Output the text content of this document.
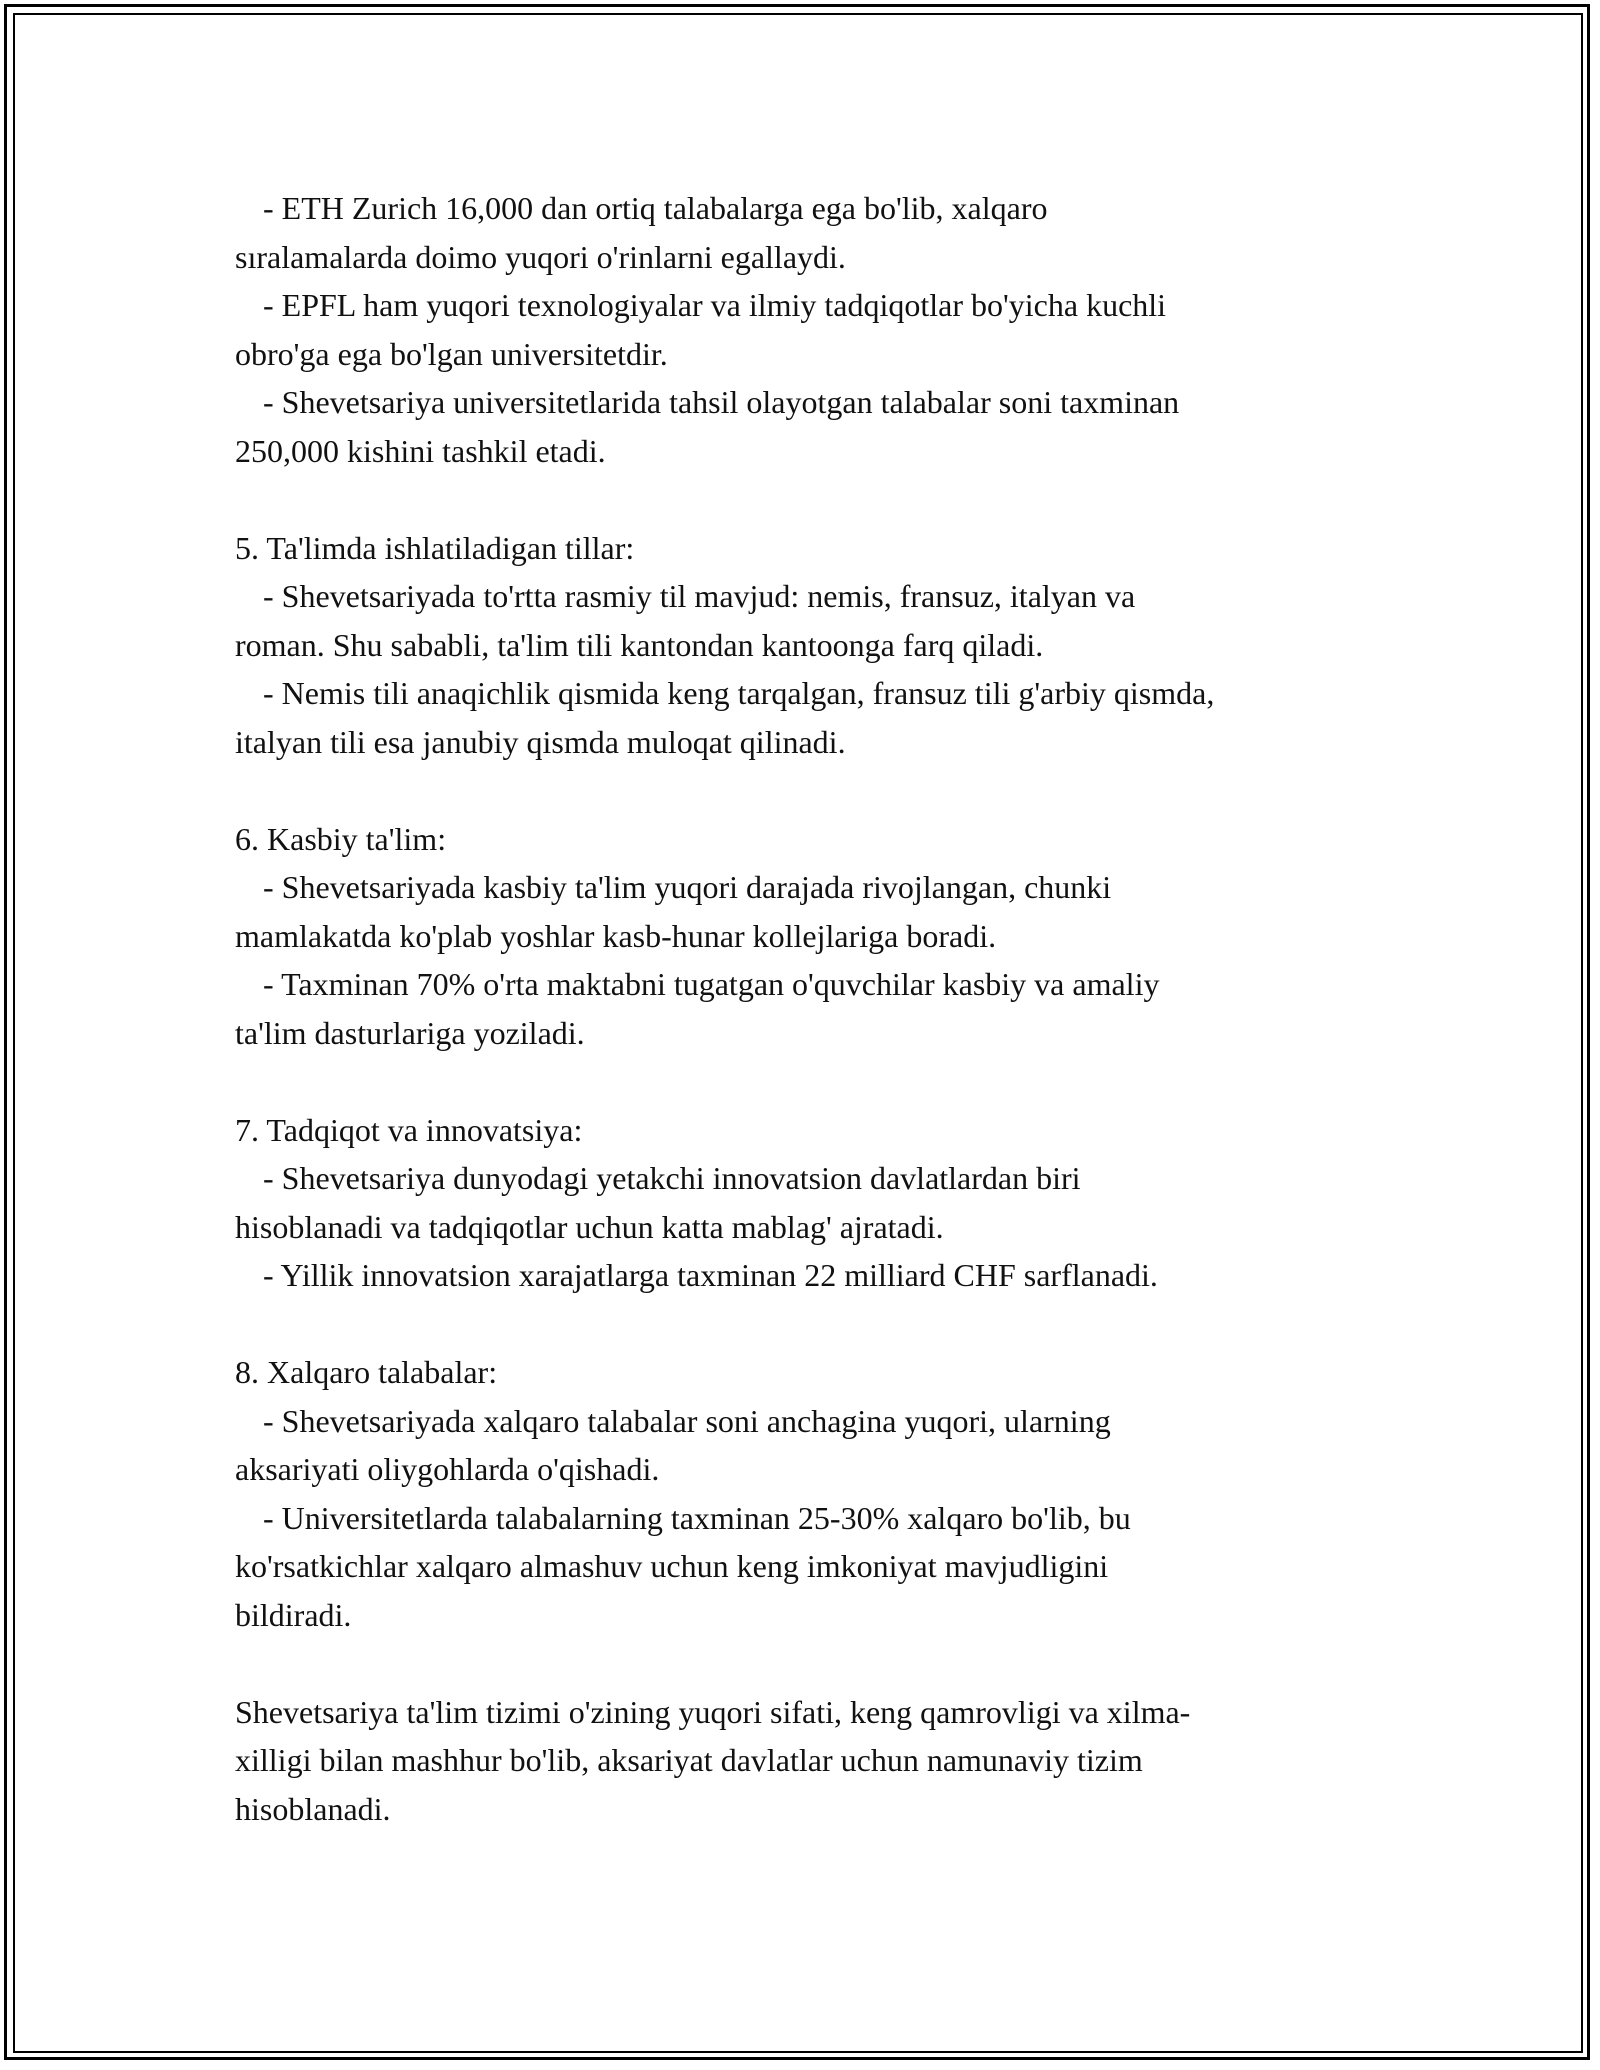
- ETH Zurich 16,000 dan ortiq talabalarga ega bo'lib, xalqaro
sıralamalarda doimo yuqori o'rinlarni egallaydi.
- EPFL ham yuqori texnologiyalar va ilmiy tadqiqotlar bo'yicha kuchli
obro'ga ega bo'lgan universitetdir.
- Shevetsariya universitetlarida tahsil olayotgan talabalar soni taxminan
250,000 kishini tashkil etadi.
5. Ta'limda ishlatiladigan tillar:
- Shevetsariyada to'rtta rasmiy til mavjud: nemis, fransuz, italyan va
roman. Shu sababli, ta'lim tili kantondan kantoonga farq qiladi.
- Nemis tili anaqichlik qismida keng tarqalgan, fransuz tili g'arbiy qismda,
italyan tili esa janubiy qismda muloqat qilinadi.
6. Kasbiy ta'lim:
- Shevetsariyada kasbiy ta'lim yuqori darajada rivojlangan, chunki
mamlakatda ko'plab yoshlar kasb-hunar kollejlariga boradi.
- Taxminan 70% o'rta maktabni tugatgan o'quvchilar kasbiy va amaliy
ta'lim dasturlariga yoziladi.
7. Tadqiqot va innovatsiya:
- Shevetsariya dunyodagi yetakchi innovatsion davlatlardan biri
hisoblanadi va tadqiqotlar uchun katta mablag' ajratadi.
- Yillik innovatsion xarajatlarga taxminan 22 milliard CHF sarflanadi.
8. Xalqaro talabalar:
- Shevetsariyada xalqaro talabalar soni anchagina yuqori, ularning
aksariyati oliygohlarda o'qishadi.
- Universitetlarda talabalarning taxminan 25-30% xalqaro bo'lib, bu
ko'rsatkichlar xalqaro almashuv uchun keng imkoniyat mavjudligini
bildiradi.
Shevetsariya ta'lim tizimi o'zining yuqori sifati, keng qamrovligi va xilma-
xilligi bilan mashhur bo'lib, aksariyat davlatlar uchun namunaviy tizim
hisoblanadi.
